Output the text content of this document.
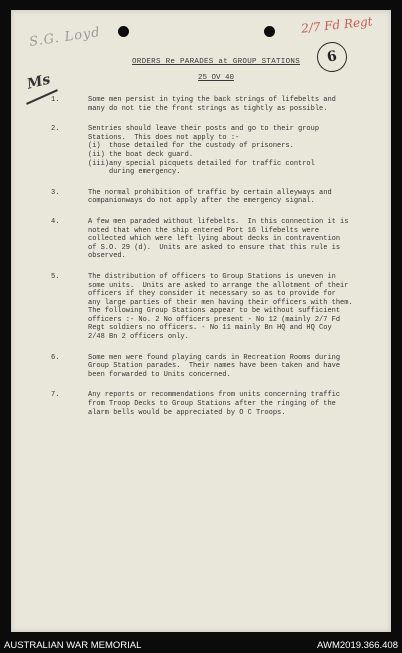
S.G. Loyd
2/7 Fd Regt
6
Ms
ORDERS Re PARADES at GROUP STATIONS
25 OV 40
1.	Some men persist in tying the back strings of lifebelts and
many do not tie the front strings as tightly as possible.
2.	Sentries should leave their posts and go to their group
Stations.  This does not apply to :-
(i)  those detailed for the custody of prisoners.
(ii) the boat deck guard.
(iii)any special picquets detailed for traffic control
during emergency.
3.	The normal prohibition of traffic by certain alleyways and
companionways do not apply after the emergency signal.
4.	A few men paraded without lifebelts.  In this connection it is
noted that when the ship entered Port 16 lifebelts were
collected which were left lying about decks in contravention
of S.O. 29 (d).  Units are asked to ensure that this rule is
observed.
5.	The distribution of officers to Group Stations is uneven in
some units.  Units are asked to arrange the allotment of their
officers if they consider it necessary so as to provide for
any large parties of their men having their officers with them.
The following Group Stations appear to be without sufficient
officers :- No. 2 No officers present - No 12 (mainly 2/7 Fd
Regt soldiers no officers. - No 11 mainly Bn HQ and HQ Coy
2/48 Bn 2 officers only.
6.	Some men were found playing cards in Recreation Rooms during
Group Station parades.  Their names have been taken and have
been forwarded to Units concerned.
7.	Any reports or recommendations from units concerning traffic
from Troop Decks to Group Stations after the ringing of the
alarm bells would be appreciated by O C Troops.
AUSTRALIAN WAR MEMORIAL	AWM2019.366.408
